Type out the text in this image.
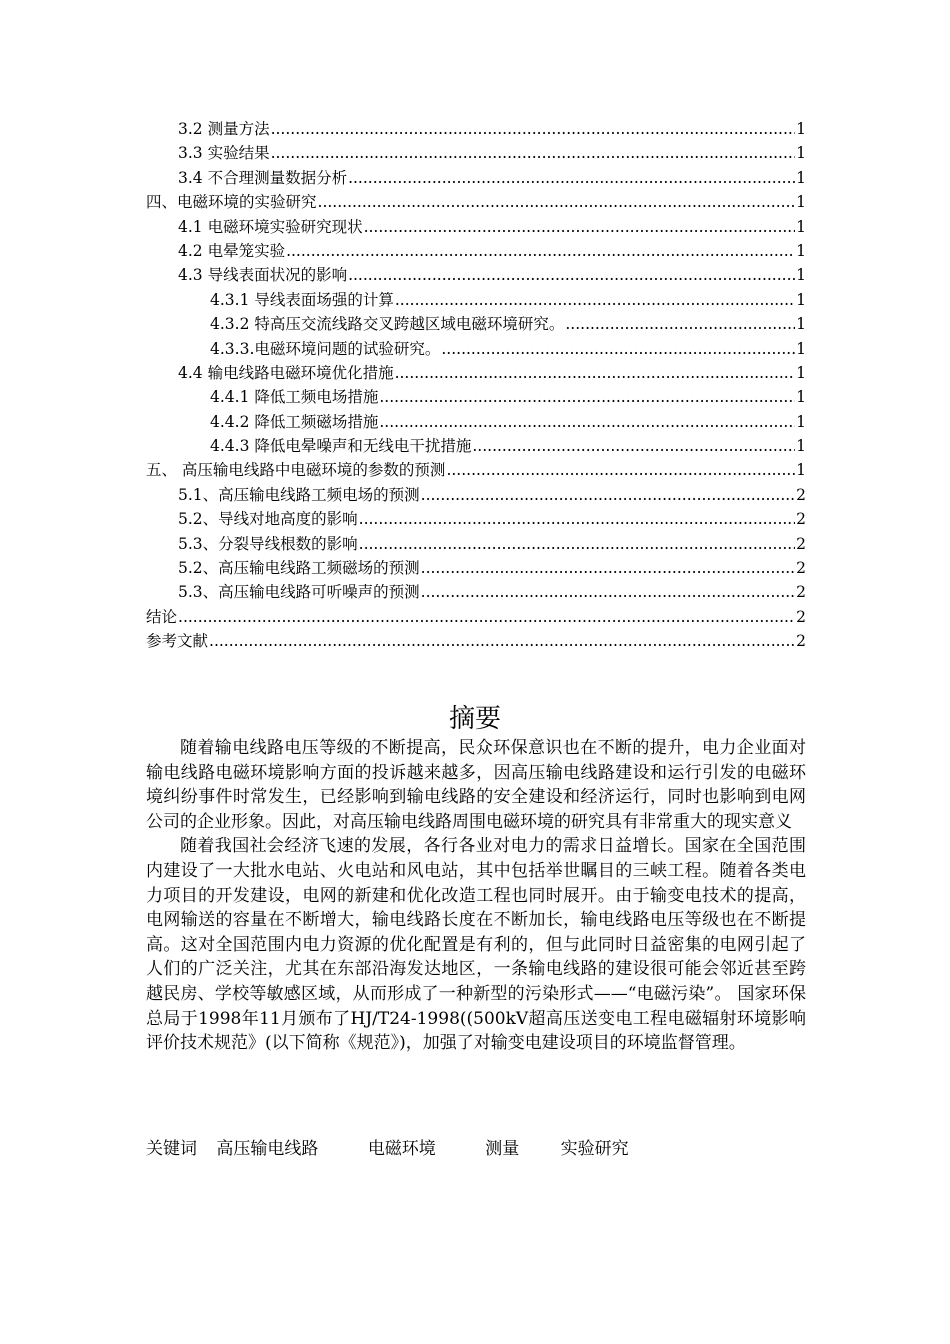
3.2 测量方法 .....	1
3.3 实验结果 .....	1
3.4 不合理测量数据分析 .....	1
四、电磁环境的实验研究 .....	1
4.1 电磁环境实验研究现状 .....	1
4.2 电晕笼实验 .....	1
4.3 导线表面状况的影响 .....	1
4.3.1 导线表面场强的计算 .....	1
4.3.2 特高压交流线路交叉跨越区域电磁环境研究。 .....	1
4.3.3.电磁环境问题的试验研究。 .....	1
4.4 输电线路电磁环境优化措施 .....	1
4.4.1 降低工频电场措施 .....	1
4.4.2 降低工频磁场措施 .....	1
4.4.3 降低电晕噪声和无线电干扰措施 .....	1
五、 高压输电线路中电磁环境的参数的预测 .....	1
5.1、高压输电线路工频电场的预测 .....	2
5.2、导线对地高度的影响 .....	2
5.3、分裂导线根数的影响 .....	2
5.2、高压输电线路工频磁场的预测 .....	2
5.3、高压输电线路可听噪声的预测 .....	2
结论 .....	2
参考文献 .....	2
摘要

随着输电线路电压等级的不断提高，民众环保意识也在不断的提升，电力企业面对输电线路电磁环境影响方面的投诉越来越多，因高压输电线路建设和运行引发的电磁环境纠纷事件时常发生，已经影响到输电线路的安全建设和经济运行，同时也影响到电网公司的企业形象。因此，对高压输电线路周围电磁环境的研究具有非常重大的现实意义

随着我国社会经济飞速的发展，各行各业对电力的需求日益增长。国家在全国范围内建设了一大批水电站、火电站和风电站，其中包括举世瞩目的三峡工程。随着各类电力项目的开发建设，电网的新建和优化改造工程也同时展开。由于输变电技术的提高，电网输送的容量在不断增大，输电线路长度在不断加长，输电线路电压等级也在不断提高。这对全国范围内电力资源的优化配置是有利的，但与此同时日益密集的电网引起了人们的广泛关注，尤其在东部沿海发达地区，一条输电线路的建设很可能会邻近甚至跨越民房、学校等敏感区域，从而形成了一种新型的污染形式——“电磁污染”。 国家环保总局于1998年11月颁布了HJ/T24-1998((500kV超高压送变电工程电磁辐射环境影响评价技术规范》(以下简称《规范》)，加强了对输变电建设项目的环境监督管理。

关键词 高压输电线路	电磁环境	测量 实验研究
